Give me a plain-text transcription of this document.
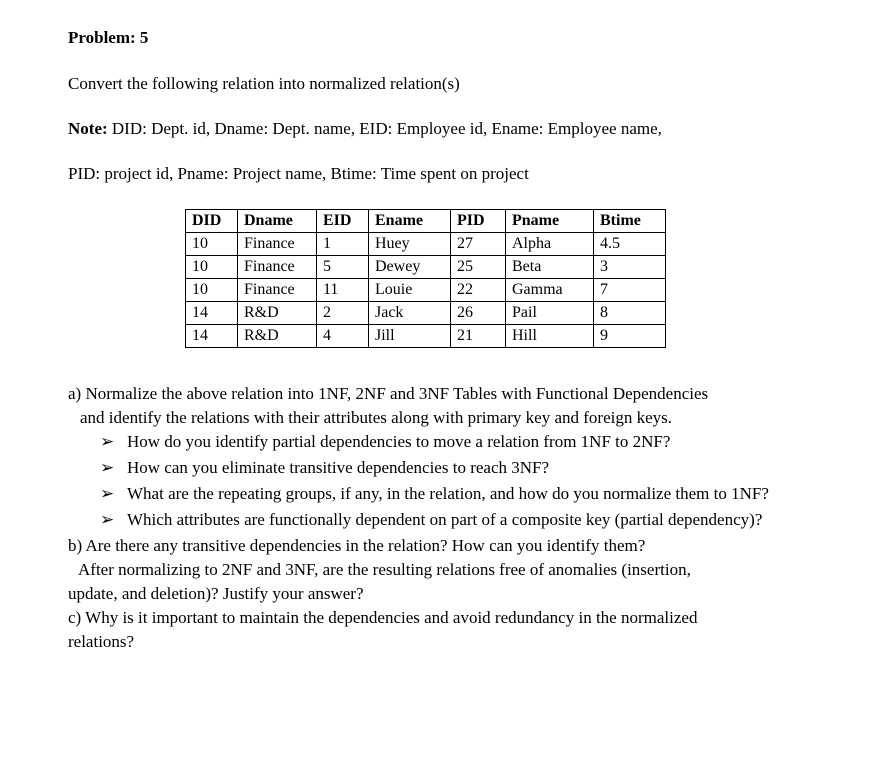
Problem: 5
Convert the following relation into normalized relation(s)
Note: DID: Dept. id, Dname: Dept. name, EID: Employee id, Ename: Employee name,
PID: project id, Pname: Project name, Btime: Time spent on project
DID	Dname	EID	Ename	PID	Pname	Btime
10	Finance	1	Huey	27	Alpha	4.5
10	Finance	5	Dewey	25	Beta	3
10	Finance	11	Louie	22	Gamma	7
14	R&D	2	Jack	26	Pail	8
14	R&D	4	Jill	21	Hill	9
a) Normalize the above relation into 1NF, 2NF and 3NF Tables with Functional Dependencies
and identify the relations with their attributes along with primary key and foreign keys.
➢ How do you identify partial dependencies to move a relation from 1NF to 2NF?
➢ How can you eliminate transitive dependencies to reach 3NF?
➢ What are the repeating groups, if any, in the relation, and how do you normalize them to 1NF?
➢ Which attributes are functionally dependent on part of a composite key (partial dependency)?
b) Are there any transitive dependencies in the relation? How can you identify them?
After normalizing to 2NF and 3NF, are the resulting relations free of anomalies (insertion,
update, and deletion)? Justify your answer?
c) Why is it important to maintain the dependencies and avoid redundancy in the normalized
relations?
